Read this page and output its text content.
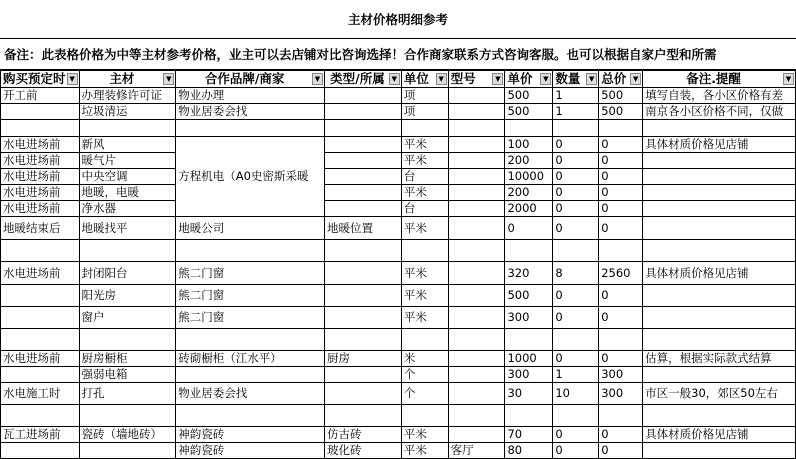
主材价格明细参考
备注：此表格价格为中等主材参考价格，业主可以去店铺对比咨询选择！合作商家联系方式咨询客服。也可以根据自家户型和所需
购买预定时 ▼	主材 ▼	合作品牌/商家 ▼	类型/所属 ▼	单位 ▼	型号 ▼	单价 ▼	数量 ▼	总价 ▼	备注.提醒 ▼

开工前	办理装修许可证	物业办理		项		500	1	500	填写自装，各小区价格有差
	垃圾清运	物业居委会找		项		500	1	500	南京各小区价格不同，仅做

水电进场前	新风	方程机电（A0史密斯采暖		平米		100	0	0	具体材质价格见店铺
水电进场前	暖气片			平米		200	0	0	
水电进场前	中央空调			台		10000	0	0	
水电进场前	地暖，电暖			平米		200	0	0	
水电进场前	净水器			台		2000	0	0	
地暖结束后	地暖找平	地暖公司	地暖位置	平米		0	0	0	

水电进场前	封闭阳台	熊二门窗		平米		320	8	2560	具体材质价格见店铺
	阳光房	熊二门窗		平米		500	0	0	
	窗户	熊二门窗		平米		300	0	0	

水电进场前	厨房橱柜	砖砌橱柜（江水平）	厨房	米		1000	0	0	估算，根据实际款式结算
	强弱电箱			个		300	1	300	
水电施工时	打孔	物业居委会找		个		30	10	300	市区一般30，郊区50左右

瓦工进场前	瓷砖（墙地砖）	神韵瓷砖	仿古砖	平米		70	0	0	具体材质价格见店铺
		神韵瓷砖	玻化砖	平米	客厅	80	0	0	
